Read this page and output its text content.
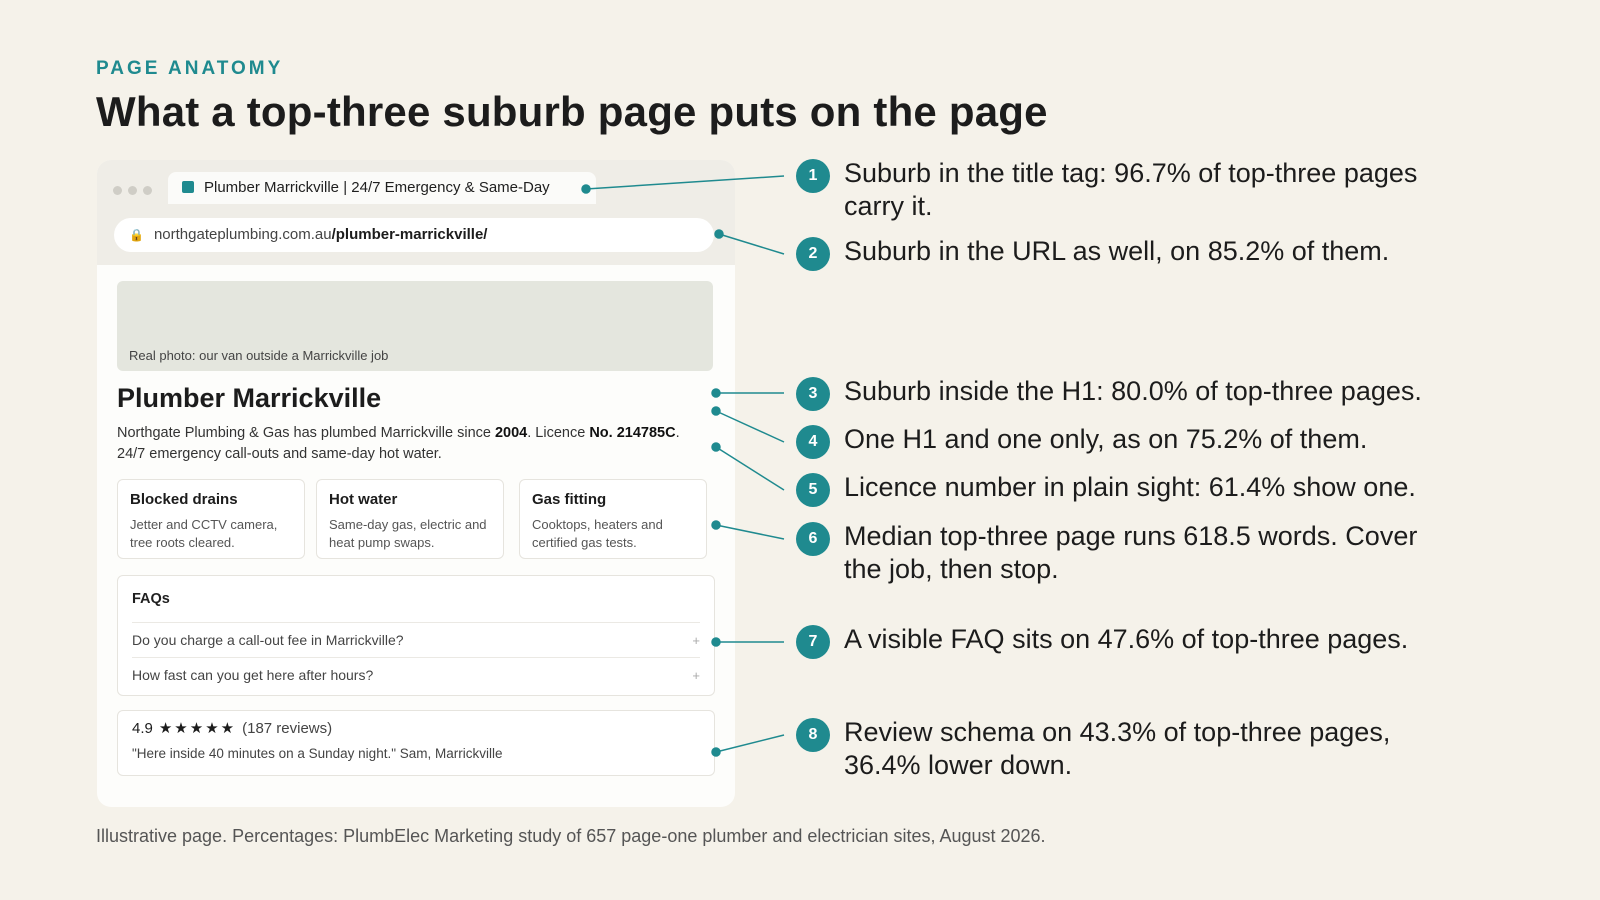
PAGE ANATOMY
What a top-three suburb page puts on the page
Plumber Marrickville | 24/7 Emergency & Same-Day
🔒 northgateplumbing.com.au/plumber-marrickville/
Real photo: our van outside a Marrickville job
Plumber Marrickville
Northgate Plumbing & Gas has plumbed Marrickville since 2004. Licence No. 214785C. 24/7 emergency call-outs and same-day hot water.
Blocked drains
Jetter and CCTV camera, tree roots cleared.
Hot water
Same-day gas, electric and heat pump swaps.
Gas fitting
Cooktops, heaters and certified gas tests.
FAQs
Do you charge a call-out fee in Marrickville?	+
How fast can you get here after hours?	+
4.9 ★★★★★ (187 reviews)
"Here inside 40 minutes on a Sunday night." Sam, Marrickville
1 Suburb in the title tag: 96.7% of top-three pages carry it.
2 Suburb in the URL as well, on 85.2% of them.
3 Suburb inside the H1: 80.0% of top-three pages.
4 One H1 and one only, as on 75.2% of them.
5 Licence number in plain sight: 61.4% show one.
6 Median top-three page runs 618.5 words. Cover the job, then stop.
7 A visible FAQ sits on 47.6% of top-three pages.
8 Review schema on 43.3% of top-three pages, 36.4% lower down.
Illustrative page. Percentages: PlumbElec Marketing study of 657 page-one plumber and electrician sites, August 2026.
